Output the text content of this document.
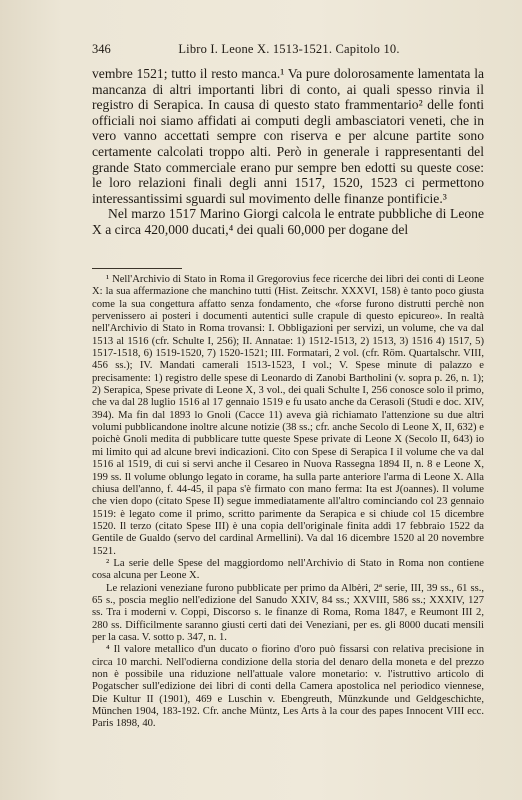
346	Libro I. Leone X. 1513-1521. Capitolo 10.

vembre 1521; tutto il resto manca.¹ Va pure dolorosamente lamentata la mancanza di altri importanti libri di conto, ai quali spesso rinvia il registro di Serapica. In causa di questo stato frammentario² delle fonti officiali noi siamo affidati ai computi degli ambasciatori veneti, che in vero vanno accettati sempre con riserva e per alcune partite sono certamente calcolati troppo alti. Però in generale i rappresentanti del grande Stato commerciale erano pur sempre ben edotti su queste cose: le loro relazioni finali degli anni 1517, 1520, 1523 ci permettono interessantissimi sguardi sul movimento delle finanze pontificie.³

Nel marzo 1517 Marino Giorgi calcola le entrate pubbliche di Leone X a circa 420,000 ducati,⁴ dei quali 60,000 per dogane del

¹ Nell'Archivio di Stato in Roma il Gregorovius fece ricerche dei libri dei conti di Leone X: la sua affermazione che manchino tutti (Hist. Zeitschr. XXXVI, 158) è tanto poco giusta come la sua congettura affatto senza fondamento, che «forse furono distrutti perchè non pervenissero ai posteri i documenti autentici sulle crapule di questo epicureo». In realtà nell'Archivio di Stato in Roma trovansi: I. Obbligazioni per servizi, un volume, che va dal 1513 al 1516 (cfr. Schulte I, 256); II. Annatae: 1) 1512-1513, 2) 1513, 3) 1516 4) 1517, 5) 1517-1518, 6) 1519-1520, 7) 1520-1521; III. Formatari, 2 vol. (cfr. Röm. Quartalschr. VIII, 456 ss.); IV. Mandati camerali 1513-1523, I vol.; V. Spese minute di palazzo e precisamente: 1) registro delle spese di Leonardo di Zanobi Bartholini (v. sopra p. 26, n. 1); 2) Serapica, Spese private di Leone X, 3 vol., dei quali Schulte I, 256 conosce solo il primo, che va dal 28 luglio 1516 al 17 gennaio 1519 e fu usato anche da Cerasoli (Studi e doc. XIV, 394). Ma fin dal 1893 lo Gnoli (Cacce 11) aveva già richiamato l'attenzione su due altri volumi pubblicandone inoltre alcune notizie (38 ss.; cfr. anche Secolo di Leone X, II, 632) e poichè Gnoli medita di pubblicare tutte queste Spese private di Leone X (Secolo II, 643) io mi limito qui ad alcune brevi indicazioni. Cito con Spese di Serapica I il volume che va dal 1516 al 1519, di cui si servì anche il Cesareo in Nuova Rassegna 1894 II, n. 8 e Leone X, 199 ss. Il volume oblungo legato in corame, ha sulla parte anteriore l'arma di Leone X. Alla chiusa dell'anno, f. 44-45, il papa s'è firmato con mano ferma: Ita est J(oannes). Il volume che vien dopo (citato Spese II) segue immediatamente all'altro cominciando col 23 gennaio 1519: è legato come il primo, scritto parimente da Serapica e si chiude col 15 dicembre 1520. Il terzo (citato Spese III) è una copia dell'originale finita addì 17 febbraio 1522 da Gentile de Gualdo (servo del cardinal Armellini). Va dal 16 dicembre 1520 al 20 novembre 1521.

² La serie delle Spese del maggiordomo nell'Archivio di Stato in Roma non contiene cosa alcuna per Leone X.

Le relazioni veneziane furono pubblicate per primo da Albèri, 2ª serie, III, 39 ss., 61 ss., 65 s., poscia meglio nell'edizione del Sanudo XXIV, 84 ss.; XXVIII, 586 ss.; XXXIV, 127 ss. Tra i moderni v. Coppi, Discorso s. le finanze di Roma, Roma 1847, e Reumont III 2, 280 ss. Difficilmente saranno giusti certi dati dei Veneziani, per es. gli 8000 ducati mensili per la casa. V. sotto p. 347, n. 1.

⁴ Il valore metallico d'un ducato o fiorino d'oro può fissarsi con relativa precisione in circa 10 marchi. Nell'odierna condizione della storia del denaro della moneta e del prezzo non è possibile una riduzione nell'attuale valore monetario: v. l'istruttivo articolo di Pogatscher sull'edizione dei libri di conti della Camera apostolica nel periodico viennese, Die Kultur II (1901), 469 e Luschin v. Ebengreuth, Münzkunde und Geldgeschichte, München 1904, 183-192. Cfr. anche Müntz, Les Arts à la cour des papes Innocent VIII ecc. Paris 1898, 40.
